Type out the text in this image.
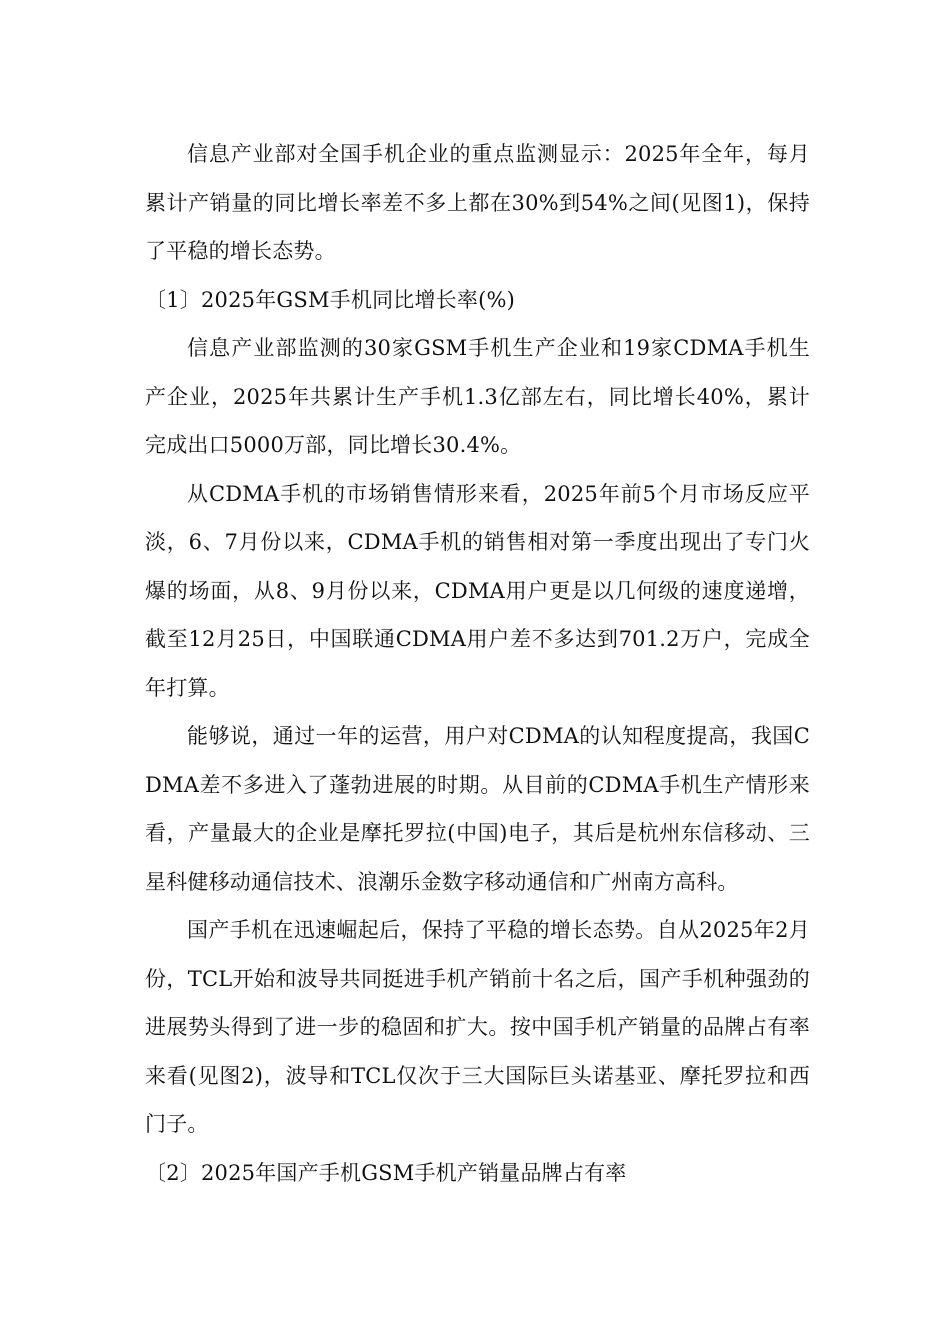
信息产业部对全国手机企业的重点监测显示：2025年全年，每月累计产销量的同比增长率差不多上都在30%到54%之间(见图1)，保持了平稳的增长态势。

〔1〕2025年GSM手机同比增长率(%)

信息产业部监测的30家GSM手机生产企业和19家CDMA手机生产企业，2025年共累计生产手机1.3亿部左右，同比增长40%，累计完成出口5000万部，同比增长30.4%。

从CDMA手机的市场销售情形来看，2025年前5个月市场反应平淡，6、7月份以来，CDMA手机的销售相对第一季度出现出了专门火爆的场面，从8、9月份以来，CDMA用户更是以几何级的速度递增，截至12月25日，中国联通CDMA用户差不多达到701.2万户，完成全年打算。

能够说，通过一年的运营，用户对CDMA的认知程度提高，我国CDMA差不多进入了蓬勃进展的时期。从目前的CDMA手机生产情形来看，产量最大的企业是摩托罗拉(中国)电子，其后是杭州东信移动、三星科健移动通信技术、浪潮乐金数字移动通信和广州南方高科。

国产手机在迅速崛起后，保持了平稳的增长态势。自从2025年2月份，TCL开始和波导共同挺进手机产销前十名之后，国产手机种强劲的进展势头得到了进一步的稳固和扩大。按中国手机产销量的品牌占有率来看(见图2)，波导和TCL仅次于三大国际巨头诺基亚、摩托罗拉和西门子。

〔2〕2025年国产手机GSM手机产销量品牌占有率
